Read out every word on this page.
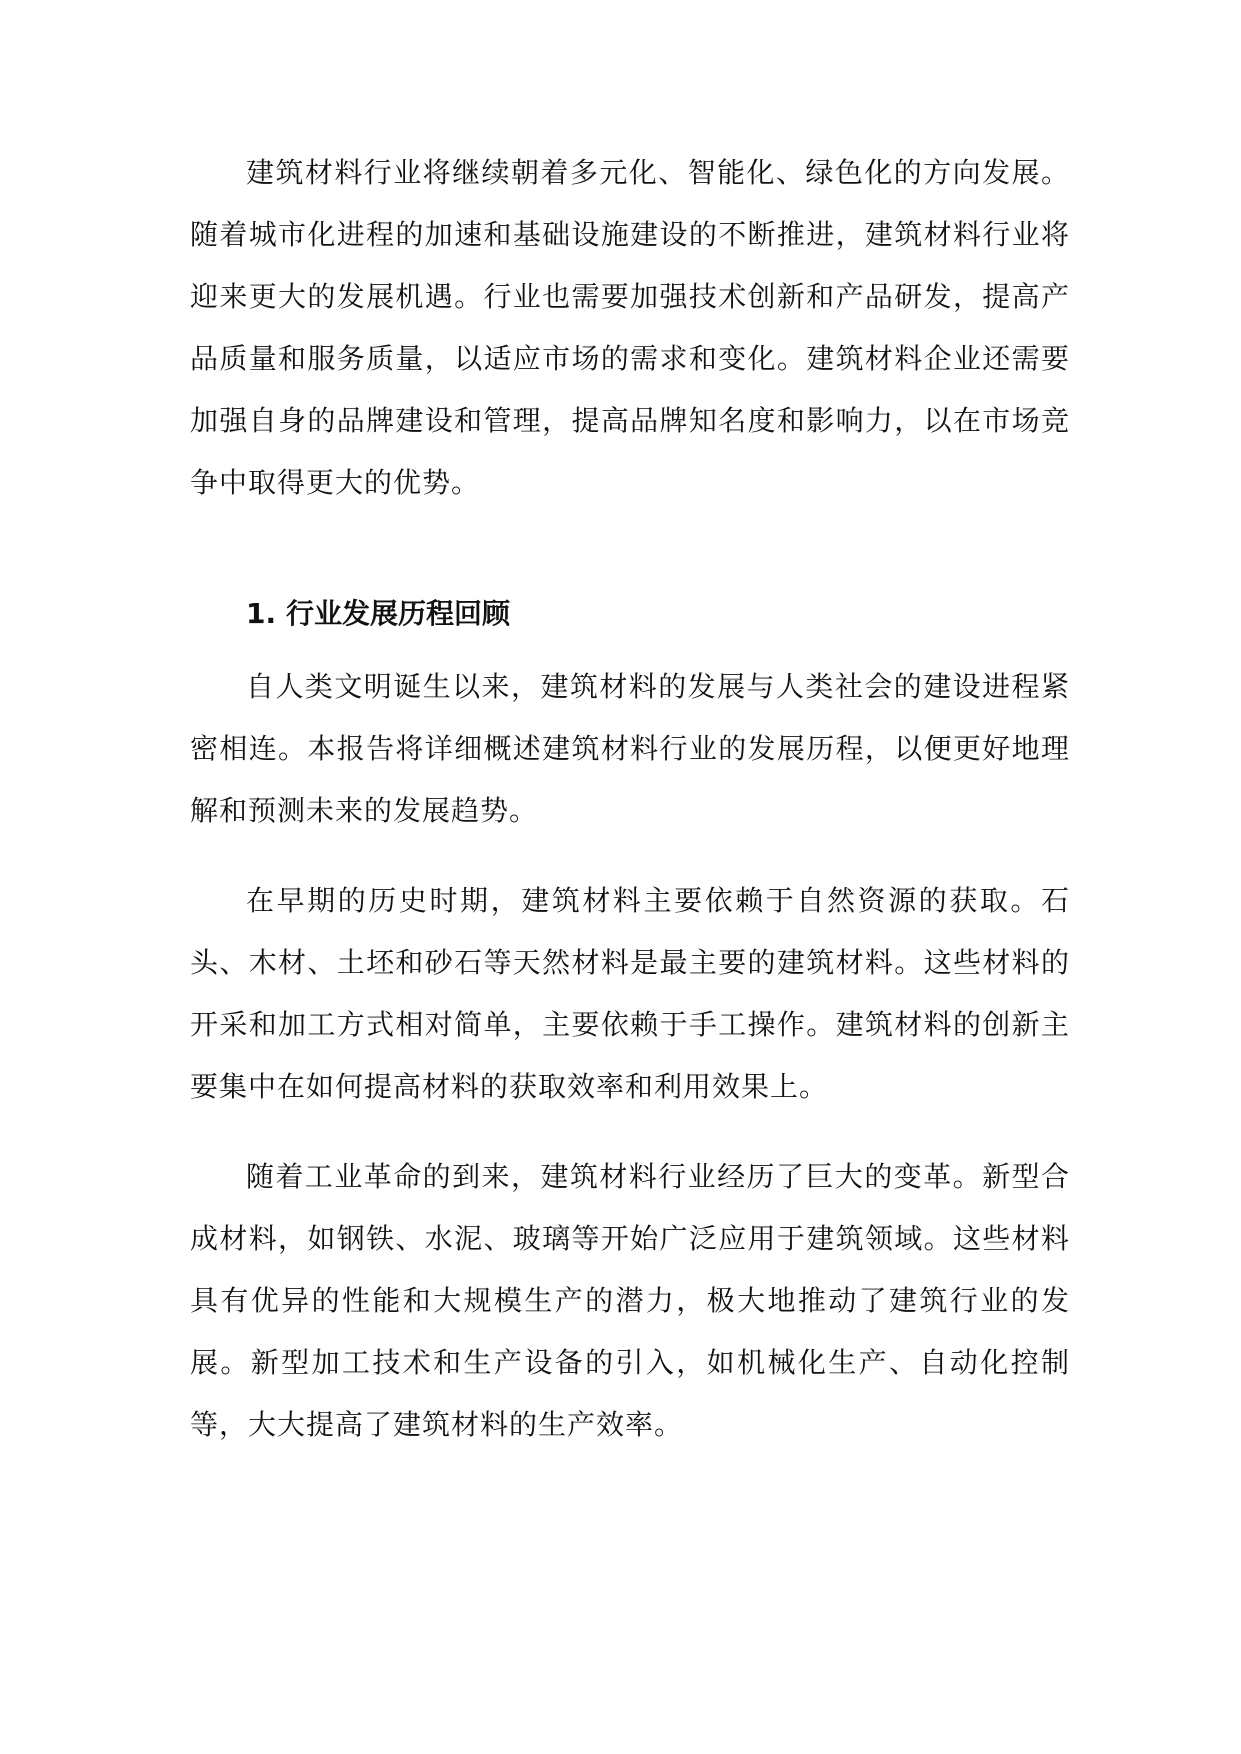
建筑材料行业将继续朝着多元化、智能化、绿色化的方向发展。随着城市化进程的加速和基础设施建设的不断推进，建筑材料行业将迎来更大的发展机遇。行业也需要加强技术创新和产品研发，提高产品质量和服务质量，以适应市场的需求和变化。建筑材料企业还需要加强自身的品牌建设和管理，提高品牌知名度和影响力，以在市场竞争中取得更大的优势。

1. 行业发展历程回顾

自人类文明诞生以来，建筑材料的发展与人类社会的建设进程紧密相连。本报告将详细概述建筑材料行业的发展历程，以便更好地理解和预测未来的发展趋势。

在早期的历史时期，建筑材料主要依赖于自然资源的获取。石头、木材、土坯和砂石等天然材料是最主要的建筑材料。这些材料的开采和加工方式相对简单，主要依赖于手工操作。建筑材料的创新主要集中在如何提高材料的获取效率和利用效果上。

随着工业革命的到来，建筑材料行业经历了巨大的变革。新型合成材料，如钢铁、水泥、玻璃等开始广泛应用于建筑领域。这些材料具有优异的性能和大规模生产的潜力，极大地推动了建筑行业的发展。新型加工技术和生产设备的引入，如机械化生产、自动化控制等，大大提高了建筑材料的生产效率。
